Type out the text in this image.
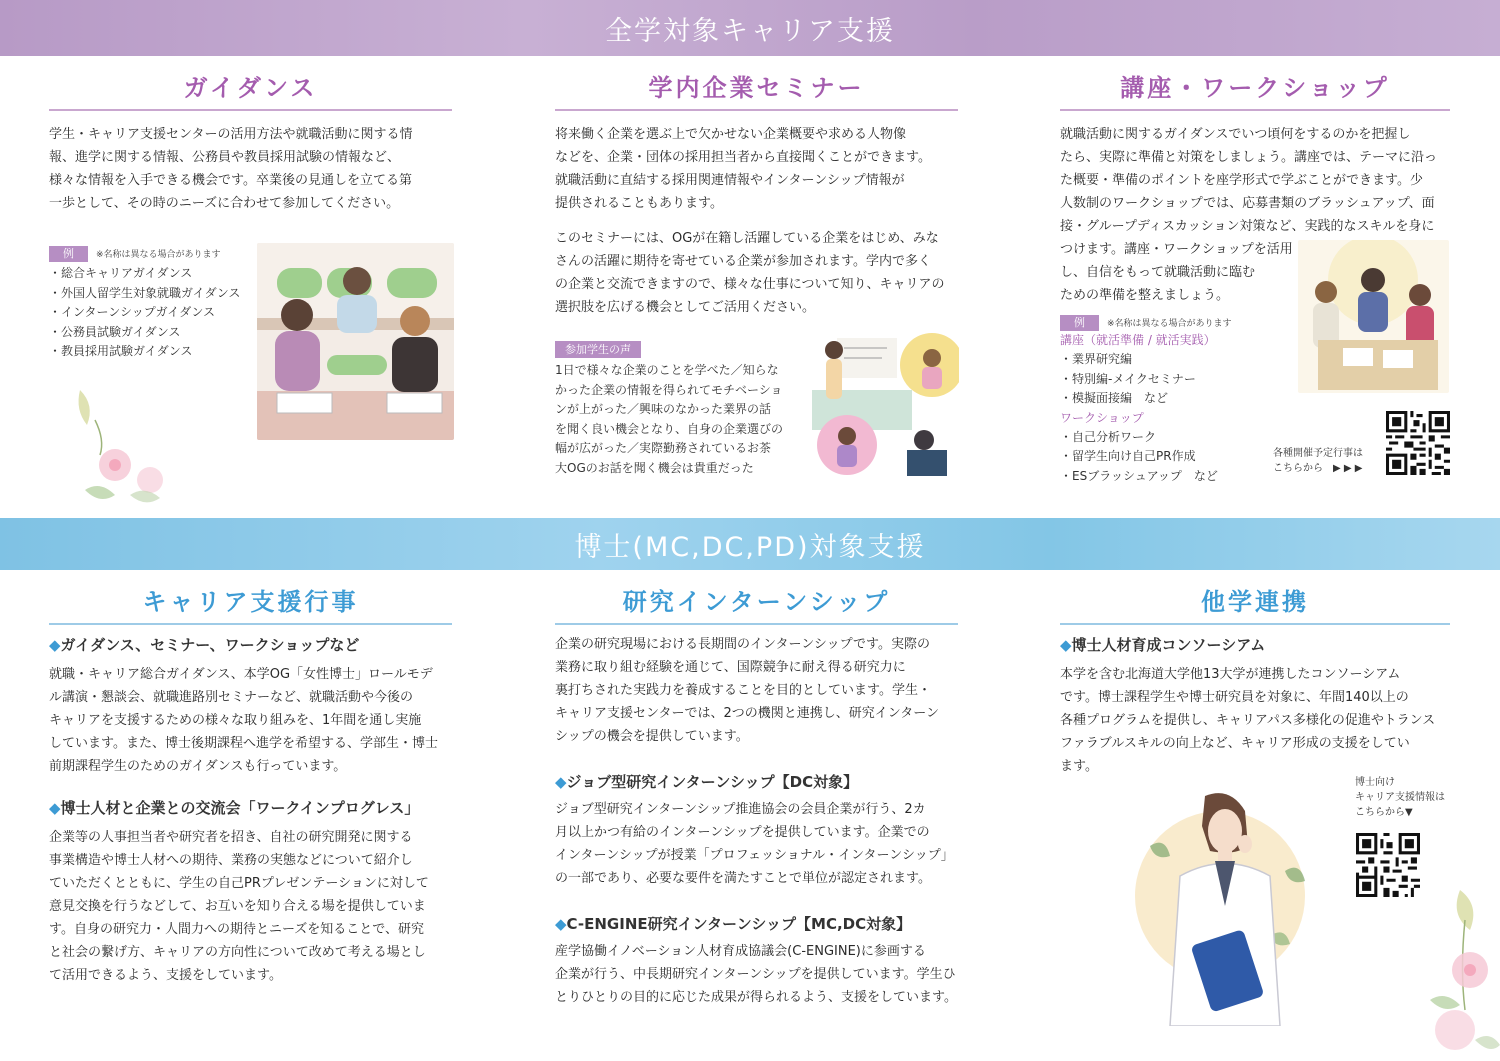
全学対象キャリア支援
ガイダンス
学生・キャリア支援センターの活用方法や就職活動に関する情
報、進学に関する情報、公務員や教員採用試験の情報など、
様々な情報を入手できる機会です。卒業後の見通しを立てる第
一歩として、その時のニーズに合わせて参加してください。
例 ※名称は異なる場合があります
・総合キャリアガイダンス
・外国人留学生対象就職ガイダンス
・インターンシップガイダンス
・公務員試験ガイダンス
・教員採用試験ガイダンス
学内企業セミナー
将来働く企業を選ぶ上で欠かせない企業概要や求める人物像
などを、企業・団体の採用担当者から直接聞くことができます。
就職活動に直結する採用関連情報やインターンシップ情報が
提供されることもあります。
このセミナーには、OGが在籍し活躍している企業をはじめ、みな
さんの活躍に期待を寄せている企業が参加されます。学内で多く
の企業と交流できますので、様々な仕事について知り、キャリアの
選択肢を広げる機会としてご活用ください。
参加学生の声
1日で様々な企業のことを学べた／知らな
かった企業の情報を得られてモチベーショ
ンが上がった／興味のなかった業界の話
を聞く良い機会となり、自身の企業選びの
幅が広がった／実際勤務されているお茶
大OGのお話を聞く機会は貴重だった
講座・ワークショップ
就職活動に関するガイダンスでいつ頃何をするのかを把握し
たら、実際に準備と対策をしましょう。講座では、テーマに沿っ
た概要・準備のポイントを座学形式で学ぶことができます。少
人数制のワークショップでは、応募書類のブラッシュアップ、面
接・グループディスカッション対策など、実践的なスキルを身に
つけます。講座・ワークショップを活用
し、自信をもって就職活動に臨む
ための準備を整えましょう。
例 ※名称は異なる場合があります
講座（就活準備 / 就活実践）
・業界研究編
・特別編-メイクセミナー
・模擬面接編　など
ワークショップ
・自己分析ワーク
・留学生向け自己PR作成
・ESブラッシュアップ　など
各種開催予定行事は
こちらから　▶ ▶ ▶
博士(MC,DC,PD)対象支援
キャリア支援行事
◆ガイダンス、セミナー、ワークショップなど
就職・キャリア総合ガイダンス、本学OG「女性博士」ロールモデ
ル講演・懇談会、就職進路別セミナーなど、就職活動や今後の
キャリアを支援するための様々な取り組みを、1年間を通し実施
しています。また、博士後期課程へ進学を希望する、学部生・博士
前期課程学生のためのガイダンスも行っています。
◆博士人材と企業との交流会「ワークインプログレス」
企業等の人事担当者や研究者を招き、自社の研究開発に関する
事業構造や博士人材への期待、業務の実態などについて紹介し
ていただくとともに、学生の自己PRプレゼンテーションに対して
意見交換を行うなどして、お互いを知り合える場を提供していま
す。自身の研究力・人間力への期待とニーズを知ることで、研究
と社会の繋げ方、キャリアの方向性について改めて考える場とし
て活用できるよう、支援をしています。
研究インターンシップ
企業の研究現場における長期間のインターンシップです。実際の
業務に取り組む経験を通じて、国際競争に耐え得る研究力に
裏打ちされた実践力を養成することを目的としています。学生・
キャリア支援センターでは、2つの機関と連携し、研究インターン
シップの機会を提供しています。
◆ジョブ型研究インターンシップ【DC対象】
ジョブ型研究インターンシップ推進協会の会員企業が行う、2カ
月以上かつ有給のインターンシップを提供しています。企業での
インターンシップが授業「プロフェッショナル・インターンシップ」
の一部であり、必要な要件を満たすことで単位が認定されます。
◆C-ENGINE研究インターンシップ【MC,DC対象】
産学協働イノベーション人材育成協議会(C-ENGINE)に参画する
企業が行う、中長期研究インターンシップを提供しています。学生ひ
とりひとりの目的に応じた成果が得られるよう、支援をしています。
他学連携
◆博士人材育成コンソーシアム
本学を含む北海道大学他13大学が連携したコンソーシアム
です。博士課程学生や博士研究員を対象に、年間140以上の
各種プログラムを提供し、キャリアパス多様化の促進やトランス
ファラブルスキルの向上など、キャリア形成の支援をしてい
ます。
博士向け
キャリア支援情報は
こちらから▼
